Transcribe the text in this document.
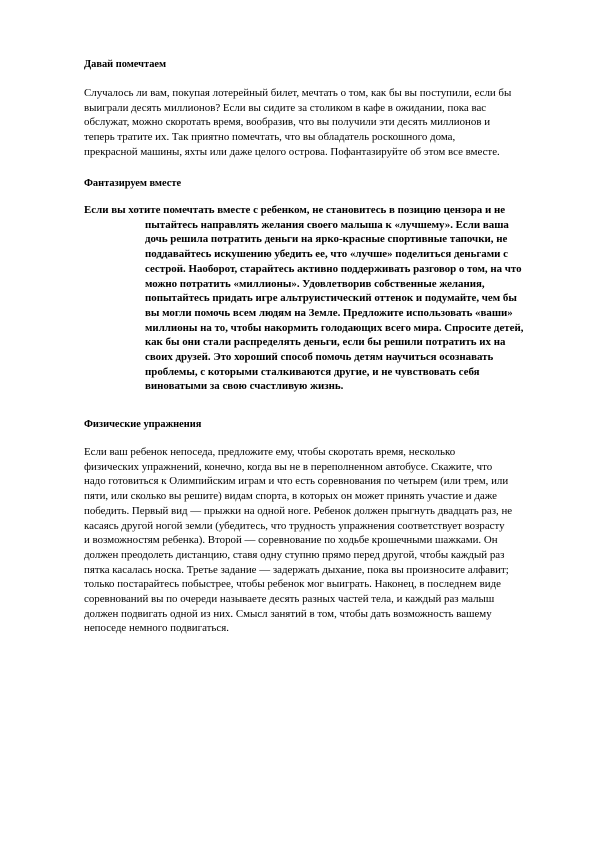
Давай помечтаем
Случалось ли вам, покупая лотерейный билет, мечтать о том, как бы вы поступили, если бы
выиграли десять миллионов? Если вы сидите за столиком в кафе в ожидании, пока вас
обслужат, можно скоротать время, вообразив, что вы получили эти десять миллионов и
теперь тратите их. Так приятно помечтать, что вы обладатель роскошного дома,
прекрасной машины, яхты или даже целого острова. Пофантазируйте об этом все вместе.
Фантазируем вместе
Если вы хотите помечтать вместе с ребенком, не становитесь в позицию цензора и не
пытайтесь направлять желания своего малыша к «лучшему». Если ваша
дочь решила потратить деньги на ярко-красные спортивные тапочки, не
поддавайтесь искушению убедить ее, что «лучше» поделиться деньгами с
сестрой. Наоборот, старайтесь активно поддерживать разговор о том, на что
можно потратить «миллионы». Удовлетворив собственные желания,
попытайтесь придать игре альтруистический оттенок и подумайте, чем бы
вы могли помочь всем людям на Земле. Предложите использовать «ваши»
миллионы на то, чтобы накормить голодающих всего мира. Спросите детей,
как бы они стали распределять деньги, если бы решили потратить их на
своих друзей. Это хороший способ помочь детям научиться осознавать
проблемы, с которыми сталкиваются другие, и не чувствовать себя
виноватыми за свою счастливую жизнь.
Физические упражнения
Если ваш ребенок непоседа, предложите ему, чтобы скоротать время, несколько
физических упражнений, конечно, когда вы не в переполненном автобусе. Скажите, что
надо готовиться к Олимпийским играм и что есть соревнования по четырем (или трем, или
пяти, или сколько вы решите) видам спорта, в которых он может принять участие и даже
победить. Первый вид — прыжки на одной ноге. Ребенок должен прыгнуть двадцать раз, не
касаясь другой ногой земли (убедитесь, что трудность упражнения соответствует возрасту
и возможностям ребенка). Второй — соревнование по ходьбе крошечными шажками. Он
должен преодолеть дистанцию, ставя одну ступню прямо перед другой, чтобы каждый раз
пятка касалась носка. Третье задание — задержать дыхание, пока вы произносите алфавит;
только постарайтесь побыстрее, чтобы ребенок мог выиграть. Наконец, в последнем виде
соревнований вы по очереди называете десять разных частей тела, и каждый раз малыш
должен подвигать одной из них. Смысл занятий в том, чтобы дать возможность вашему
непоседе немного подвигаться.
